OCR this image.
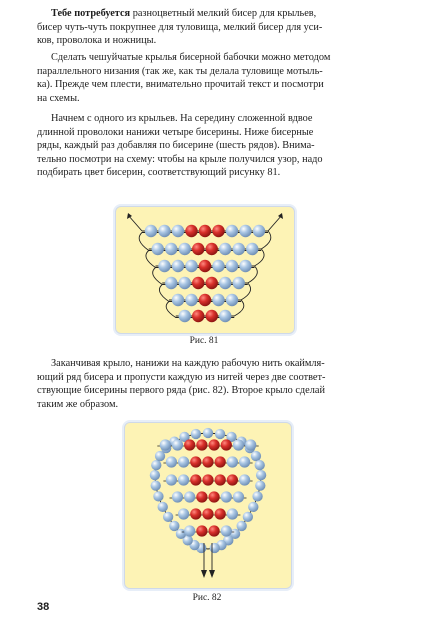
Тебе потребуется разноцветный мелкий бисер для крыльев,
бисер чуть-чуть покрупнее для туловища, мелкий бисер для уси-
ков, проволока и ножницы.
Сделать чешуйчатые крылья бисерной бабочки можно методом
параллельного низания (так же, как ты делала туловище мотыль-
ка). Прежде чем плести, внимательно прочитай текст и посмотри
на схемы.
Начнем с одного из крыльев. На середину сложенной вдвое
длинной проволоки нанижи четыре бисерины. Ниже бисерные
ряды, каждый раз добавляя по бисерине (шесть рядов). Внима-
тельно посмотри на схему: чтобы на крыле получился узор, надо
подбирать цвет бисерин, соответствующий рисунку 81.
Рис. 81
Заканчивая крыло, нанижи на каждую рабочую нить окаймля-
ющий ряд бисера и пропусти каждую из нитей через две соответ-
ствующие бисерины первого ряда (рис. 82). Второе крыло сделай
таким же образом.
Рис. 82
38
